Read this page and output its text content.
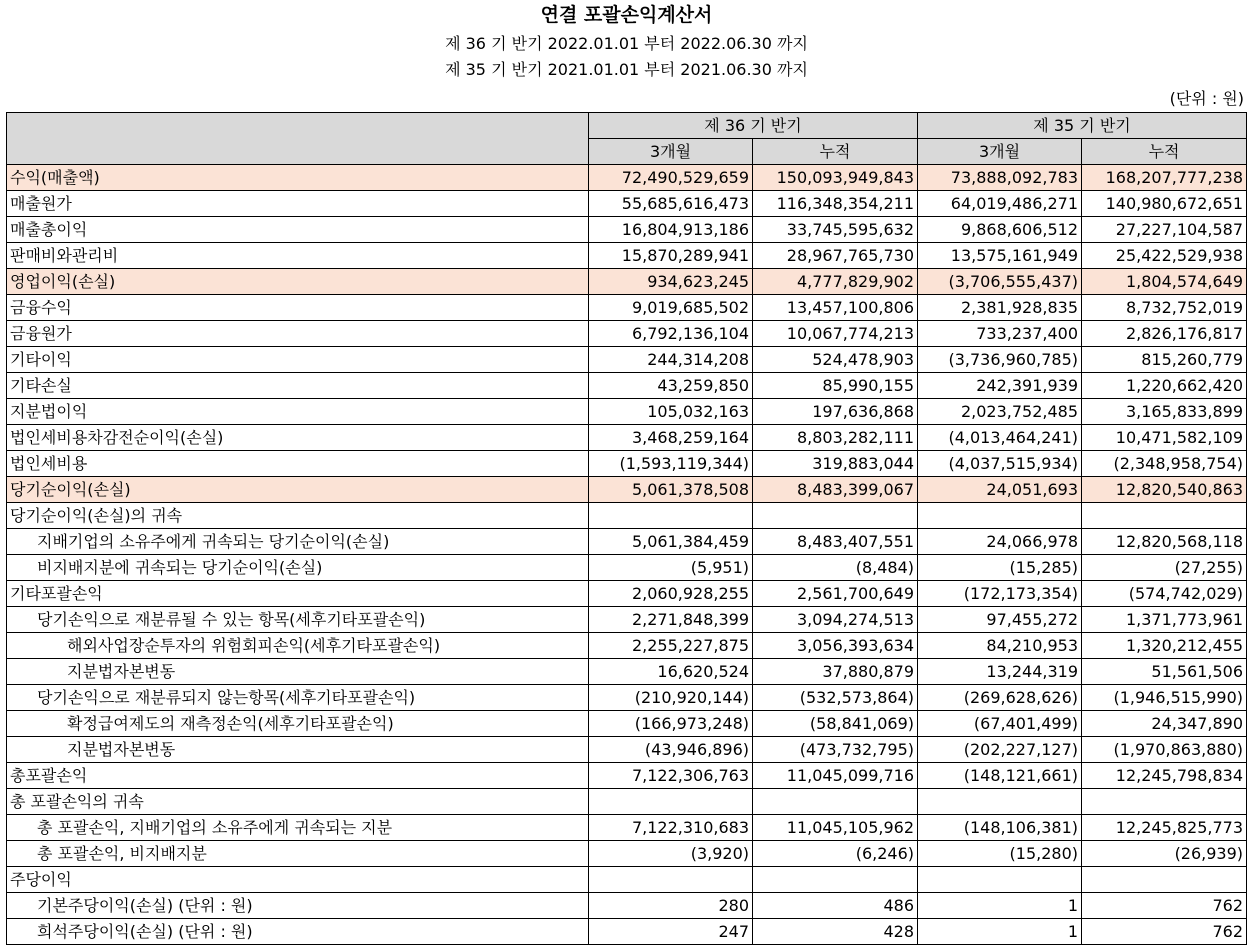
연결 포괄손익계산서
제 36 기 반기 2022.01.01 부터 2022.06.30 까지
제 35 기 반기 2021.01.01 부터 2021.06.30 까지
(단위 : 원)
	제 36 기 반기		제 35 기 반기	
	3개월	누적	3개월	누적
수익(매출액)	72,490,529,659	150,093,949,843	73,888,092,783	168,207,777,238
매출원가	55,685,616,473	116,348,354,211	64,019,486,271	140,980,672,651
매출총이익	16,804,913,186	33,745,595,632	9,868,606,512	27,227,104,587
판매비와관리비	15,870,289,941	28,967,765,730	13,575,161,949	25,422,529,938
영업이익(손실)	934,623,245	4,777,829,902	(3,706,555,437)	1,804,574,649
금융수익	9,019,685,502	13,457,100,806	2,381,928,835	8,732,752,019
금융원가	6,792,136,104	10,067,774,213	733,237,400	2,826,176,817
기타이익	244,314,208	524,478,903	(3,736,960,785)	815,260,779
기타손실	43,259,850	85,990,155	242,391,939	1,220,662,420
지분법이익	105,032,163	197,636,868	2,023,752,485	3,165,833,899
법인세비용차감전순이익(손실)	3,468,259,164	8,803,282,111	(4,013,464,241)	10,471,582,109
법인세비용	(1,593,119,344)	319,883,044	(4,037,515,934)	(2,348,958,754)
당기순이익(손실)	5,061,378,508	8,483,399,067	24,051,693	12,820,540,863
당기순이익(손실)의 귀속				
지배기업의 소유주에게 귀속되는 당기순이익(손실)	5,061,384,459	8,483,407,551	24,066,978	12,820,568,118
비지배지분에 귀속되는 당기순이익(손실)	(5,951)	(8,484)	(15,285)	(27,255)
기타포괄손익	2,060,928,255	2,561,700,649	(172,173,354)	(574,742,029)
당기손익으로 재분류될 수 있는 항목(세후기타포괄손익)	2,271,848,399	3,094,274,513	97,455,272	1,371,773,961
해외사업장순투자의 위험회피손익(세후기타포괄손익)	2,255,227,875	3,056,393,634	84,210,953	1,320,212,455
지분법자본변동	16,620,524	37,880,879	13,244,319	51,561,506
당기손익으로 재분류되지 않는항목(세후기타포괄손익)	(210,920,144)	(532,573,864)	(269,628,626)	(1,946,515,990)
확정급여제도의 재측정손익(세후기타포괄손익)	(166,973,248)	(58,841,069)	(67,401,499)	24,347,890
지분법자본변동	(43,946,896)	(473,732,795)	(202,227,127)	(1,970,863,880)
총포괄손익	7,122,306,763	11,045,099,716	(148,121,661)	12,245,798,834
총 포괄손익의 귀속				
총 포괄손익, 지배기업의 소유주에게 귀속되는 지분	7,122,310,683	11,045,105,962	(148,106,381)	12,245,825,773
총 포괄손익, 비지배지분	(3,920)	(6,246)	(15,280)	(26,939)
주당이익				
기본주당이익(손실) (단위 : 원)	280	486	1	762
희석주당이익(손실) (단위 : 원)	247	428	1	762
